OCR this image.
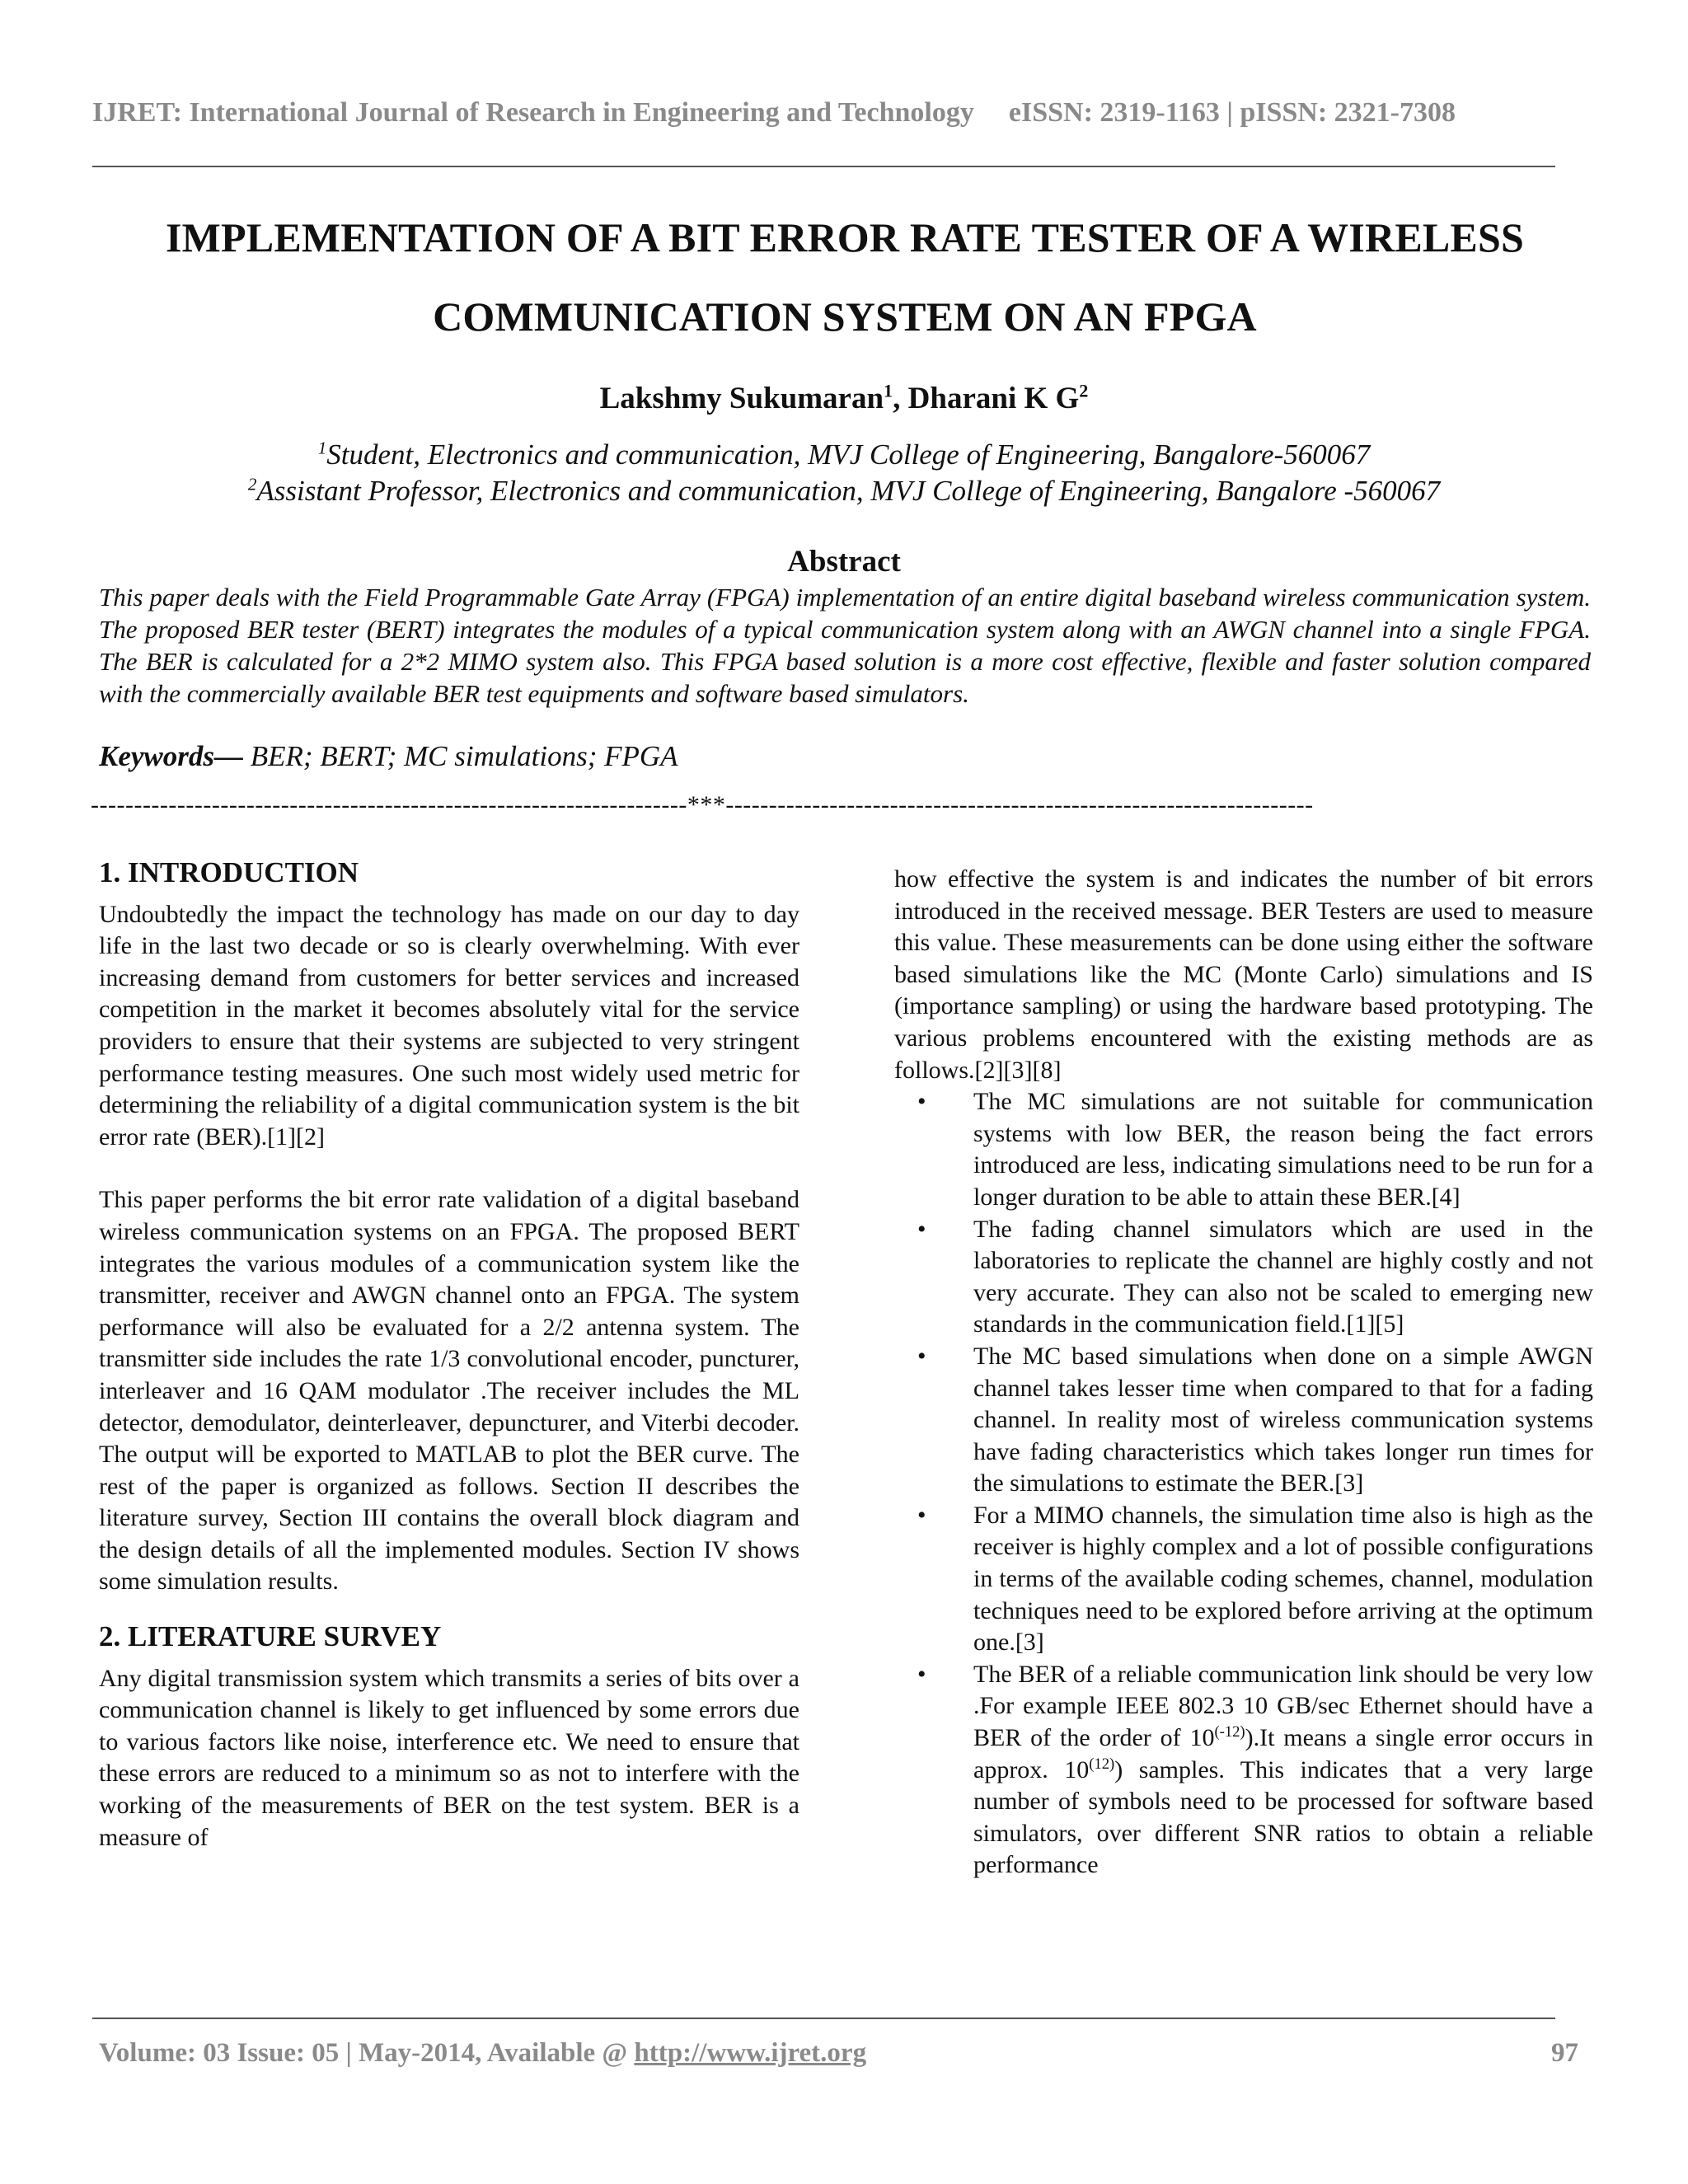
IJRET: International Journal of Research in Engineering and Technology eISSN: 2319-1163 | pISSN: 2321-7308
IMPLEMENTATION OF A BIT ERROR RATE TESTER OF A WIRELESS
COMMUNICATION SYSTEM ON AN FPGA
Lakshmy Sukumaran$^1$, Dharani K $G^2$
$^1$Student, Electronics and communication, MVJ College of Engineering, Bangalore-560067
$^2$Assistant Professor, Electronics and communication, MVJ College of Engineering, Bangalore -560067
Abstract
This paper deals with the Field Programmable Gate Array (FPGA) implementation of an entire digital baseband wireless communication system. The proposed BER tester (BERT) integrates the modules of a typical communication system along with an AWGN channel into a single FPGA. The BER is calculated for a 2*2 MIMO system also. This FPGA based solution is a more cost effective, flexible and faster solution compared with the commercially available BER test equipments and software based simulators.
Keywords— BER; BERT; MC simulations; FPGA
---------------------------------------------------------------------***--------------------------------------------------------------------
1. INTRODUCTION

Undoubtedly the impact the technology has made on our day to day life in the last two decade or so is clearly overwhelming. With ever increasing demand from customers for better services and increased competition in the market it becomes absolutely vital for the service providers to ensure that their systems are subjected to very stringent performance testing measures. One such most widely used metric for determining the reliability of a digital communication system is the bit error rate (BER).[1][2]

This paper performs the bit error rate validation of a digital baseband wireless communication systems on an FPGA. The proposed BERT integrates the various modules of a communication system like the transmitter, receiver and AWGN channel onto an FPGA. The system performance will also be evaluated for a 2/2 antenna system. The transmitter side includes the rate 1/3 convolutional encoder, puncturer, interleaver and 16 QAM modulator .The receiver includes the ML detector, demodulator, deinterleaver, depuncturer, and Viterbi decoder. The output will be exported to MATLAB to plot the BER curve. The rest of the paper is organized as follows. Section II describes the literature survey, Section III contains the overall block diagram and the design details of all the implemented modules. Section IV shows some simulation results.

2. LITERATURE SURVEY

Any digital transmission system which transmits a series of bits over a communication channel is likely to get influenced by some errors due to various factors like noise, interference etc. We need to ensure that these errors are reduced to a minimum so as not to interfere with the working of the measurements of BER on the test system. BER is a measure of

how effective the system is and indicates the number of bit errors introduced in the received message. BER Testers are used to measure this value. These measurements can be done using either the software based simulations like the MC (Monte Carlo) simulations and IS (importance sampling) or using the hardware based prototyping. The various problems encountered with the existing methods are as follows.[2][3][8]

• The MC simulations are not suitable for communication systems with low BER, the reason being the fact errors introduced are less, indicating simulations need to be run for a longer duration to be able to attain these BER.[4]
• The fading channel simulators which are used in the laboratories to replicate the channel are highly costly and not very accurate. They can also not be scaled to emerging new standards in the communication field.[1][5]
• The MC based simulations when done on a simple AWGN channel takes lesser time when compared to that for a fading channel. In reality most of wireless communication systems have fading characteristics which takes longer run times for the simulations to estimate the BER.[3]
• For a MIMO channels, the simulation time also is high as the receiver is highly complex and a lot of possible configurations in terms of the available coding schemes, channel, modulation techniques need to be explored before arriving at the optimum one.[3]
• The BER of a reliable communication link should be very low .For example IEEE 802.3 10 GB/sec Ethernet should have a BER of the order of $10^{(-12)}).It$ means a single error occurs in approx. 10$^{(12)}$) samples. This indicates that a very large number of symbols need to be processed for software based simulators, over different SNR ratios to obtain a reliable performance
Volume: 03 Issue: 05 | May-2014, Available @ http://www.ijret.org	97
